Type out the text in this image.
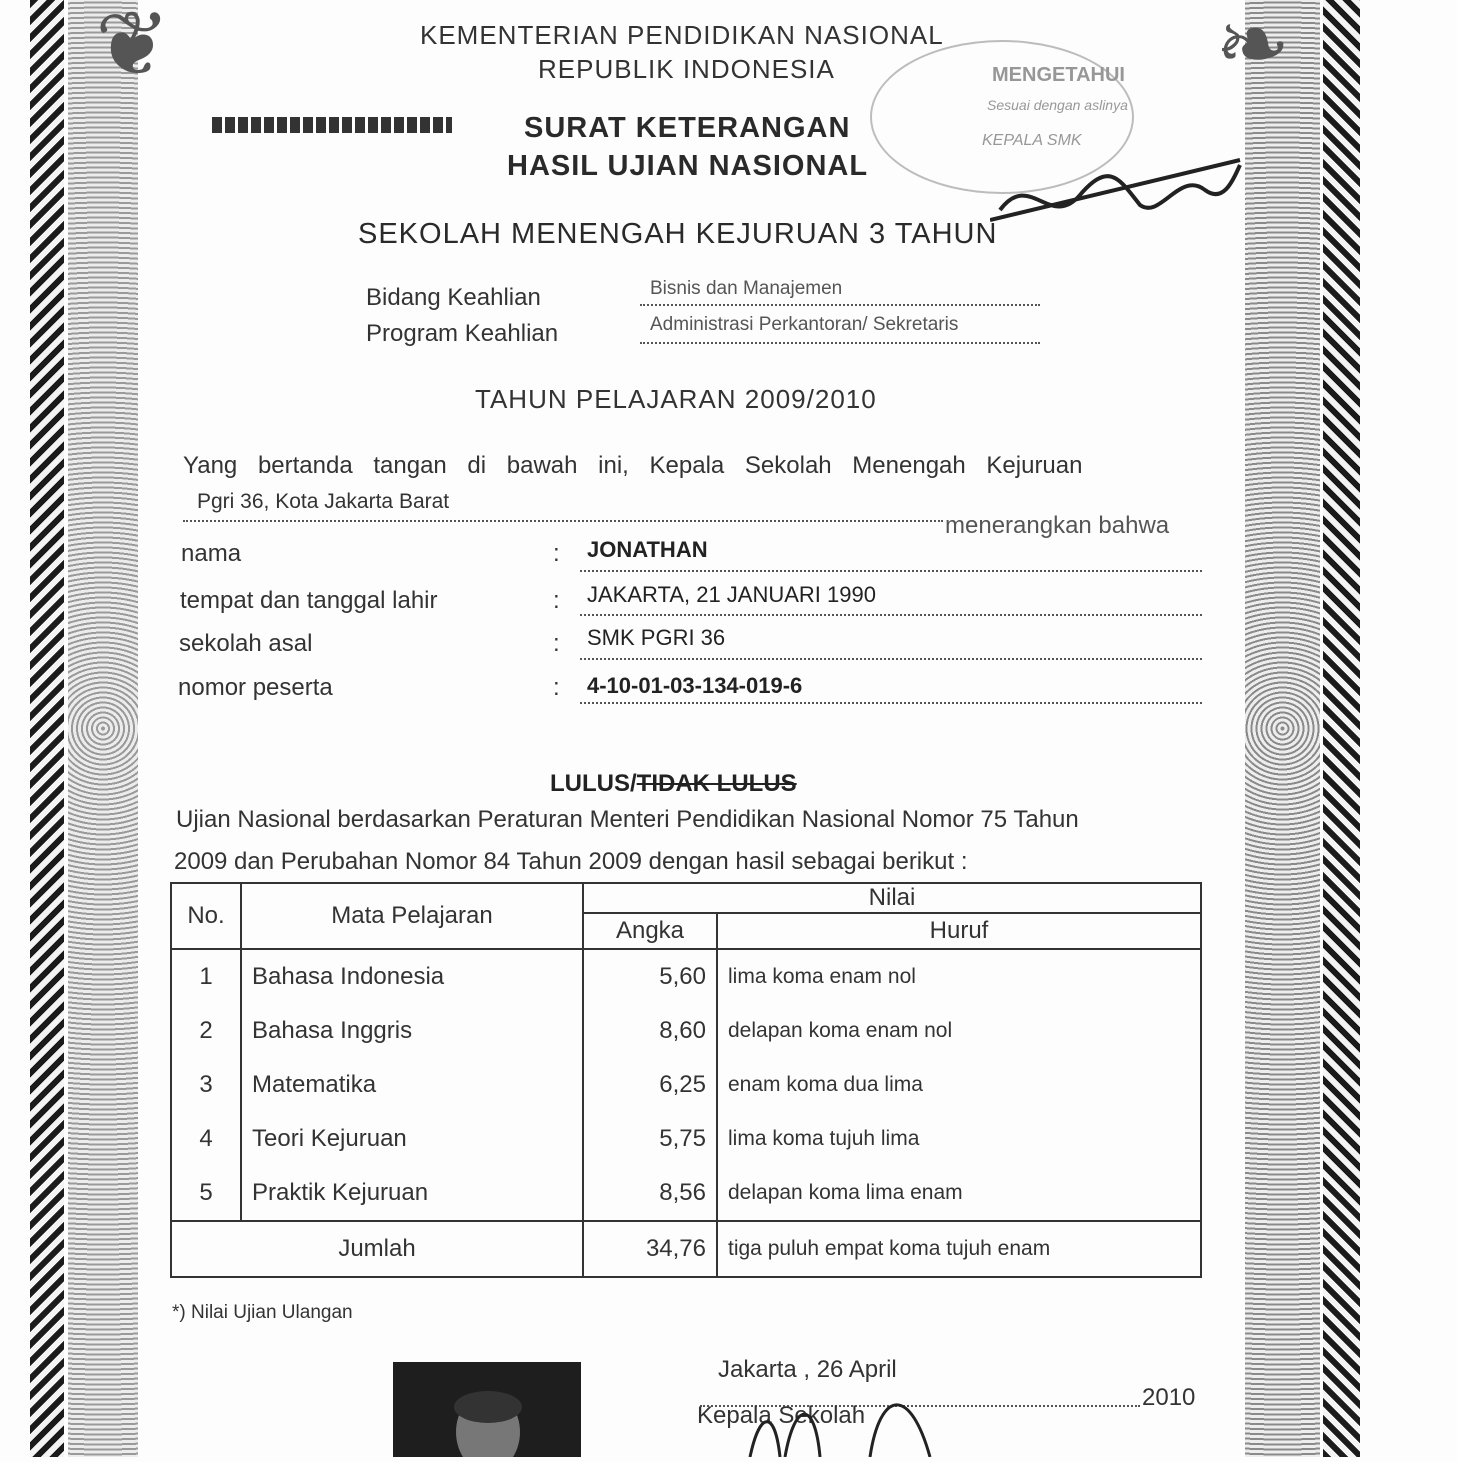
❦	❧
KEMENTERIAN PENDIDIKAN NASIONAL
REPUBLIK INDONESIA
SURAT KETERANGAN
HASIL UJIAN NASIONAL
MENGETAHUI
Sesuai dengan aslinya
KEPALA SMK
SEKOLAH MENENGAH KEJURUAN 3 TAHUN
Bidang Keahlian	Bisnis dan Manajemen
Program Keahlian	Administrasi Perkantoran/ Sekretaris
TAHUN PELAJARAN 2009/2010
Yang bertanda tangan di bawah ini, Kepala Sekolah Menengah Kejuruan
Pgri 36, Kota Jakarta Barat
menerangkan bahwa
nama	: JONATHAN
tempat dan tanggal lahir	: JAKARTA, 21 JANUARI 1990
sekolah asal	: SMK PGRI 36
nomor peserta	: 4-10-01-03-134-019-6
LULUS/TIDAK LULUS
Ujian Nasional berdasarkan Peraturan Menteri Pendidikan Nasional Nomor 75 Tahun
2009 dan Perubahan Nomor 84 Tahun 2009 dengan hasil sebagai berikut :
No.	Mata Pelajaran	Nilai	
		Angka	Huruf
1	Bahasa Indonesia	5,60	lima koma enam nol
2	Bahasa Inggris	8,60	delapan koma enam nol
3	Matematika	6,25	enam koma dua lima
4	Teori Kejuruan	5,75	lima koma tujuh lima
5	Praktik Kejuruan	8,56	delapan koma lima enam
Jumlah		34,76	tiga puluh empat koma tujuh enam
*) Nilai Ujian Ulangan
Jakarta , 26 April
2010
Kepala Sekolah
